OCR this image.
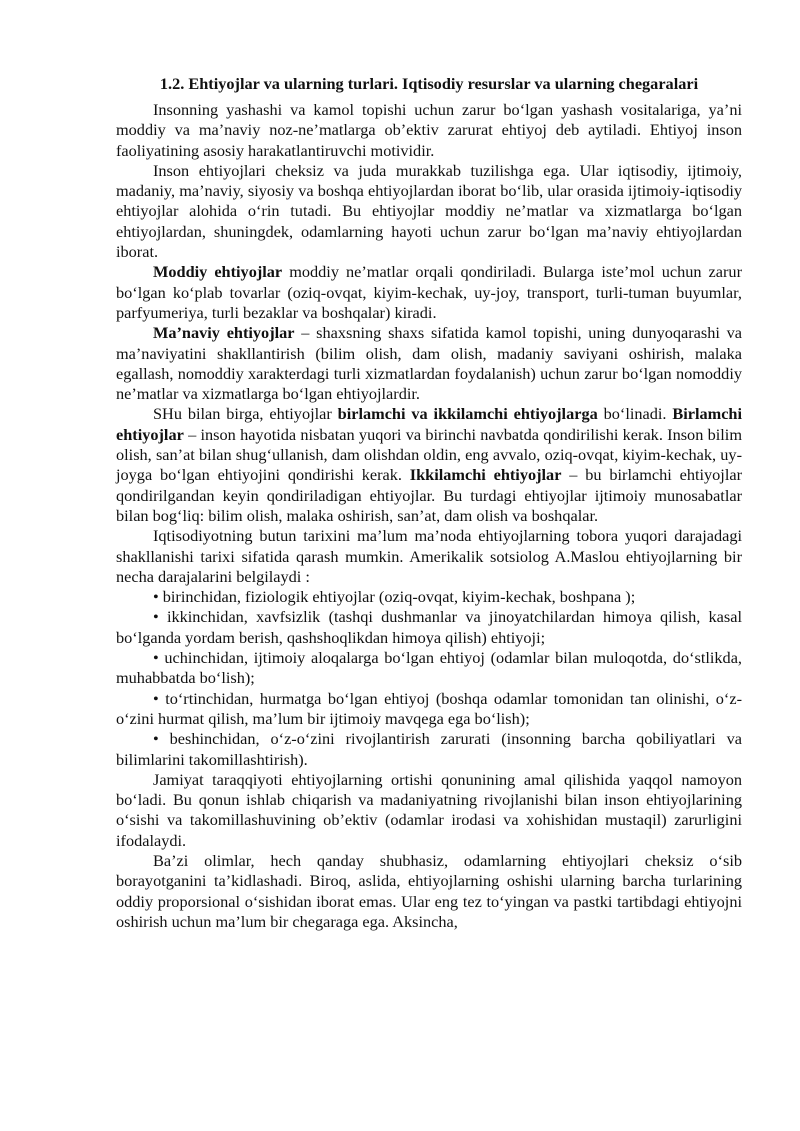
1.2. Ehtiyojlar va ularning turlari. Iqtisodiy resurslar va ularning chegaralari

Insonning yashashi va kamol topishi uchun zarur bo‘lgan yashash vositalariga, ya’ni moddiy va ma’naviy noz-ne’matlarga ob’ektiv zarurat ehtiyoj deb aytiladi. Ehtiyoj inson faoliyatining asosiy harakatlantiruvchi motividir.

Inson ehtiyojlari cheksiz va juda murakkab tuzilishga ega. Ular iqtisodiy, ijtimoiy, madaniy, ma’naviy, siyosiy va boshqa ehtiyojlardan iborat bo‘lib, ular orasida ijtimoiy-iqtisodiy ehtiyojlar alohida o‘rin tutadi. Bu ehtiyojlar moddiy ne’matlar va xizmatlarga bo‘lgan ehtiyojlardan, shuningdek, odamlarning hayoti uchun zarur bo‘lgan ma’naviy ehtiyojlardan iborat.

Moddiy ehtiyojlar moddiy ne’matlar orqali qondiriladi. Bularga iste’mol uchun zarur bo‘lgan ko‘plab tovarlar (oziq-ovqat, kiyim-kechak, uy-joy, transport, turli-tuman buyumlar, parfyumeriya, turli bezaklar va boshqalar) kiradi.

Ma’naviy ehtiyojlar – shaxsning shaxs sifatida kamol topishi, uning dunyoqarashi va ma’naviyatini shakllantirish (bilim olish, dam olish, madaniy saviyani oshirish, malaka egallash, nomoddiy xarakterdagi turli xizmatlardan foydalanish) uchun zarur bo‘lgan nomoddiy ne’matlar va xizmatlarga bo‘lgan ehtiyojlardir.

SHu bilan birga, ehtiyojlar birlamchi va ikkilamchi ehtiyojlarga bo‘linadi. Birlamchi ehtiyojlar – inson hayotida nisbatan yuqori va birinchi navbatda qondirilishi kerak. Inson bilim olish, san’at bilan shug‘ullanish, dam olishdan oldin, eng avvalo, oziq-ovqat, kiyim-kechak, uy-joyga bo‘lgan ehtiyojini qondirishi kerak. Ikkilamchi ehtiyojlar – bu birlamchi ehtiyojlar qondirilgandan keyin qondiriladigan ehtiyojlar. Bu turdagi ehtiyojlar ijtimoiy munosabatlar bilan bog‘liq: bilim olish, malaka oshirish, san’at, dam olish va boshqalar.

Iqtisodiyotning butun tarixini ma’lum ma’noda ehtiyojlarning tobora yuqori darajadagi shakllanishi tarixi sifatida qarash mumkin. Amerikalik sotsiolog A.Maslou ehtiyojlarning bir necha darajalarini belgilaydi :

• birinchidan, fiziologik ehtiyojlar (oziq-ovqat, kiyim-kechak, boshpana );

• ikkinchidan, xavfsizlik (tashqi dushmanlar va jinoyatchilardan himoya qilish, kasal bo‘lganda yordam berish, qashshoqlikdan himoya qilish) ehtiyoji;

• uchinchidan, ijtimoiy aloqalarga bo‘lgan ehtiyoj (odamlar bilan muloqotda, do‘stlikda, muhabbatda bo‘lish);

• to‘rtinchidan, hurmatga bo‘lgan ehtiyoj (boshqa odamlar tomonidan tan olinishi, o‘z-o‘zini hurmat qilish, ma’lum bir ijtimoiy mavqega ega bo‘lish);

• beshinchidan, o‘z-o‘zini rivojlantirish zarurati (insonning barcha qobiliyatlari va bilimlarini takomillashtirish).

Jamiyat taraqqiyoti ehtiyojlarning ortishi qonunining amal qilishida yaqqol namoyon bo‘ladi. Bu qonun ishlab chiqarish va madaniyatning rivojlanishi bilan inson ehtiyojlarining o‘sishi va takomillashuvining ob’ektiv (odamlar irodasi va xohishidan mustaqil) zarurligini ifodalaydi.

Ba’zi olimlar, hech qanday shubhasiz, odamlarning ehtiyojlari cheksiz o‘sib borayotganini ta’kidlashadi. Biroq, aslida, ehtiyojlarning oshishi ularning barcha turlarining oddiy proporsional o‘sishidan iborat emas. Ular eng tez to‘yingan va pastki tartibdagi ehtiyojni oshirish uchun ma’lum bir chegaraga ega. Aksincha,
